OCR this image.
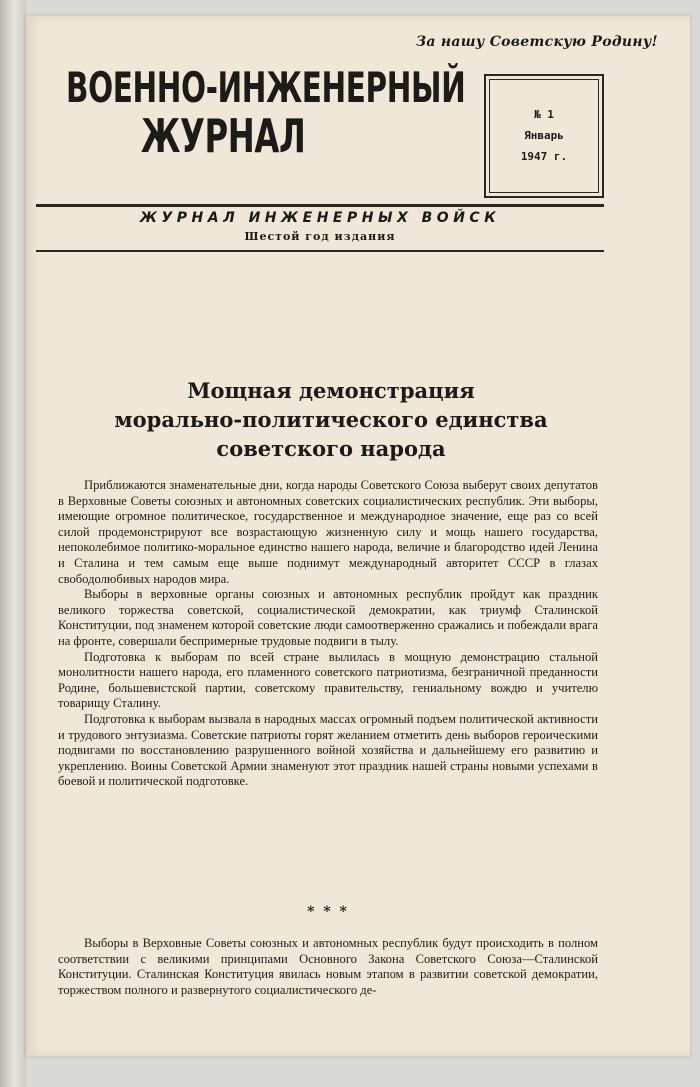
За нашу Советскую Родину!
ВОЕННО-ИНЖЕНЕРНЫЙ
ЖУРНАЛ	№ 1
Январь
1947 г.
ЖУРНАЛ ИНЖЕНЕРНЫХ ВОЙСК
Шестой год издания
Мощная демонстрация
морально-политического единства
советского народа

Приближаются знаменательные дни, когда народы Советского Союза выберут своих депутатов в Верховные Советы союзных и автономных советских социалистических республик. Эти выборы, имеющие огромное политическое, государственное и международное значение, еще раз со всей силой продемонстрируют все возрастающую жизненную силу и мощь нашего государства, непоколебимое политико-моральное единство нашего народа, величие и благородство идей Ленина и Сталина и тем самым еще выше поднимут международный авторитет СССР в глазах свободолюбивых народов мира.

Выборы в верховные органы союзных и автономных республик пройдут как праздник великого торжества советской, социалистической демократии, как триумф Сталинской Конституции, под знаменем которой советские люди самоотверженно сражались и побеждали врага на фронте, совершали беспримерные трудовые подвиги в тылу.

Подготовка к выборам по всей стране вылилась в мощную демонстрацию стальной монолитности нашего народа, его пламенного советского патриотизма, безграничной преданности Родине, большевистской партии, советскому правительству, гениальному вождю и учителю товарищу Сталину.

Подготовка к выборам вызвала в народных массах огромный подъем политической активности и трудового энтузиазма. Советские патриоты горят желанием отметить день выборов героическими подвигами по восстановлению разрушенного войной хозяйства и дальнейшему его развитию и укреплению. Воины Советской Армии знаменуют этот праздник нашей страны новыми успехами в боевой и политической подготовке.

* * *

Выборы в Верховные Советы союзных и автономных республик будут происходить в полном соответствии с великими принципами Основного Закона Советского Союза—Сталинской Конституции. Сталинская Конституция явилась новым этапом в развитии советской демократии, торжеством полного и развернутого социалистического де-
